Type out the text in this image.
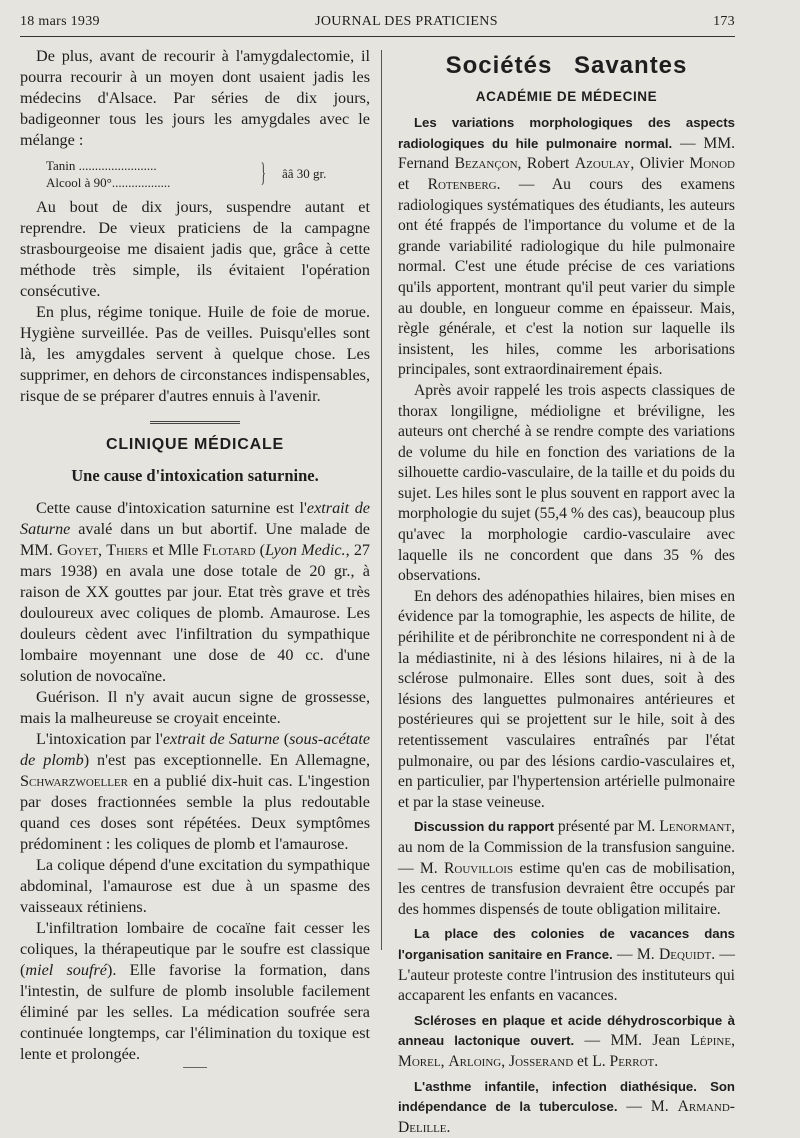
18 mars 1939	JOURNAL DES PRATICIENS	173

De plus, avant de recourir à l'amygdalectomie, il pourra recourir à un moyen dont usaient jadis les médecins d'Alsace. Par séries de dix jours, badigeonner tous les jours les amygdales avec le mélange :

Tanin ........................
Alcool à 90°..................	} ââ 30 gr.

Au bout de dix jours, suspendre autant et reprendre. De vieux praticiens de la campagne strasbourgeoise me disaient jadis que, grâce à cette méthode très simple, ils évitaient l'opération consécutive.

En plus, régime tonique. Huile de foie de morue. Hygiène surveillée. Pas de veilles. Puisqu'elles sont là, les amygdales servent à quelque chose. Les supprimer, en dehors de circonstances indispensables, risque de se préparer d'autres ennuis à l'avenir.

CLINIQUE MÉDICALE
Une cause d'intoxication saturnine.

Cette cause d'intoxication saturnine est l'extrait de Saturne avalé dans un but abortif. Une malade de MM. Goyet, Thiers et Mlle Flotard (Lyon Medic., 27 mars 1938) en avala une dose totale de 20 gr., à raison de XX gouttes par jour. Etat très grave et très douloureux avec coliques de plomb. Amaurose. Les douleurs cèdent avec l'infiltration du sympathique lombaire moyennant une dose de 40 cc. d'une solution de novocaïne.

Guérison. Il n'y avait aucun signe de grossesse, mais la malheureuse se croyait enceinte.

L'intoxication par l'extrait de Saturne (sous-acétate de plomb) n'est pas exceptionnelle. En Allemagne, Schwarzwoeller en a publié dix-huit cas. L'ingestion par doses fractionnées semble la plus redoutable quand ces doses sont répétées. Deux symptômes prédominent : les coliques de plomb et l'amaurose.

La colique dépend d'une excitation du sympathique abdominal, l'amaurose est due à un spasme des vaisseaux rétiniens.

L'infiltration lombaire de cocaïne fait cesser les coliques, la thérapeutique par le soufre est classique (miel soufré). Elle favorise la formation, dans l'intestin, de sulfure de plomb insoluble facilement éliminé par les selles. La médication soufrée sera continuée longtemps, car l'élimination du toxique est lente et prolongée.

Sociétés Savantes
ACADÉMIE DE MÉDECINE

Les variations morphologiques des aspects radiologiques du hile pulmonaire normal. — MM. Fernand Bezançon, Robert Azoulay, Olivier Monod et Rotenberg. — Au cours des examens radiologiques systématiques des étudiants, les auteurs ont été frappés de l'importance du volume et de la grande variabilité radiologique du hile pulmonaire normal. C'est une étude précise de ces variations qu'ils apportent, montrant qu'il peut varier du simple au double, en longueur comme en épaisseur. Mais, règle générale, et c'est la notion sur laquelle ils insistent, les hiles, comme les arborisations principales, sont extraordinairement épais.

Après avoir rappelé les trois aspects classiques de thorax longiligne, médioligne et bréviligne, les auteurs ont cherché à se rendre compte des variations de volume du hile en fonction des variations de la silhouette cardio-vasculaire, de la taille et du poids du sujet. Les hiles sont le plus souvent en rapport avec la morphologie du sujet (55,4 % des cas), beaucoup plus qu'avec la morphologie cardio-vasculaire avec laquelle ils ne concordent que dans 35 % des observations.

En dehors des adénopathies hilaires, bien mises en évidence par la tomographie, les aspects de hilite, de périhilite et de péribronchite ne correspondent ni à de la médiastinite, ni à des lésions hilaires, ni à de la sclérose pulmonaire. Elles sont dues, soit à des lésions des languettes pulmonaires antérieures et postérieures qui se projettent sur le hile, soit à des retentissement vasculaires entraînés par l'état pulmonaire, ou par des lésions cardio-vasculaires et, en particulier, par l'hypertension artérielle pulmonaire et par la stase veineuse.

Discussion du rapport présenté par M. Lenormant, au nom de la Commission de la transfusion sanguine. — M. Rouvillois estime qu'en cas de mobilisation, les centres de transfusion devraient être occupés par des hommes dispensés de toute obligation militaire.

La place des colonies de vacances dans l'organisation sanitaire en France. — M. Dequidt. — L'auteur proteste contre l'intrusion des instituteurs qui accaparent les enfants en vacances.

Scléroses en plaque et acide déhydroscorbique à anneau lactonique ouvert. — MM. Jean Lépine, Morel, Arloing, Josserand et L. Perrot.

L'asthme infantile, infection diathésique. Son indépendance de la tuberculose. — M. Armand-Delille.
